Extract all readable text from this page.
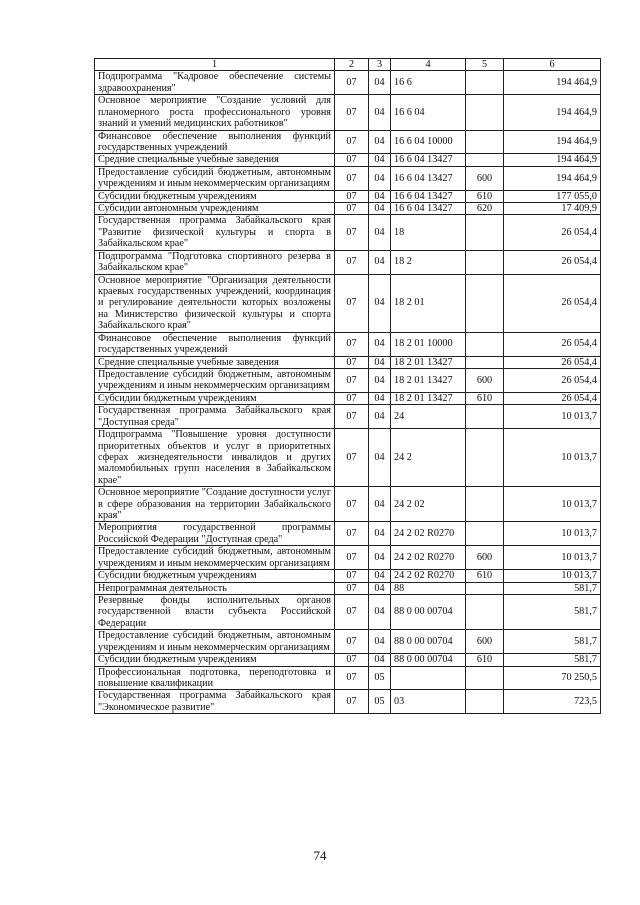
1	2	3	4	5	6
Подпрограмма "Кадровое обеспечение системы здравоохранения"	07	04	16 6		194 464,9
Основное мероприятие "Создание условий для планомерного роста профессионального уровня знаний и умений медицинских работников"	07	04	16 6 04		194 464,9
Финансовое обеспечение выполнения функций государственных учреждений	07	04	16 6 04 10000		194 464,9
Средние специальные учебные заведения	07	04	16 6 04 13427		194 464,9
Предоставление субсидий бюджетным, автономным учреждениям и иным некоммерческим организациям	07	04	16 6 04 13427	600	194 464,9
Субсидии бюджетным учреждениям	07	04	16 6 04 13427	610	177 055,0
Субсидии автономным учреждениям	07	04	16 6 04 13427	620	17 409,9
Государственная программа Забайкальского края "Развитие физической культуры и спорта в Забайкальском крае"	07	04	18		26 054,4
Подпрограмма "Подготовка спортивного резерва в Забайкальском крае"	07	04	18 2		26 054,4
Основное мероприятие "Организация деятельности краевых государственных учреждений, координация и регулирование деятельности которых возложены на Министерство физической культуры и спорта Забайкальского края"	07	04	18 2 01		26 054,4
Финансовое обеспечение выполнения функций государственных учреждений	07	04	18 2 01 10000		26 054,4
Средние специальные учебные заведения	07	04	18 2 01 13427		26 054,4
Предоставление субсидий бюджетным, автономным учреждениям и иным некоммерческим организациям	07	04	18 2 01 13427	600	26 054,4
Субсидии бюджетным учреждениям	07	04	18 2 01 13427	610	26 054,4
Государственная программа Забайкальского края "Доступная среда"	07	04	24		10 013,7
Подпрограмма "Повышение уровня доступности приоритетных объектов и услуг в приоритетных сферах жизнедеятельности инвалидов и других маломобильных групп населения в Забайкальском крае"	07	04	24 2		10 013,7
Основное мероприятие "Создание доступности услуг в сфере образования на территории Забайкальского края"	07	04	24 2 02		10 013,7
Мероприятия государственной программы Российской Федерации "Доступная среда"	07	04	24 2 02 R0270		10 013,7
Предоставление субсидий бюджетным, автономным учреждениям и иным некоммерческим организациям	07	04	24 2 02 R0270	600	10 013,7
Субсидии бюджетным учреждениям	07	04	24 2 02 R0270	610	10 013,7
Непрограммная деятельность	07	04	88		581,7
Резервные фонды исполнительных органов государственной власти субъекта Российской Федерации	07	04	88 0 00 00704		581,7
Предоставление субсидий бюджетным, автономным учреждениям и иным некоммерческим организациям	07	04	88 0 00 00704	600	581,7
Субсидии бюджетным учреждениям	07	04	88 0 00 00704	610	581,7
Профессиональная подготовка, переподготовка и повышение квалификации	07	05			70 250,5
Государственная программа Забайкальского края "Экономическое развитие"	07	05	03		723,5
74
